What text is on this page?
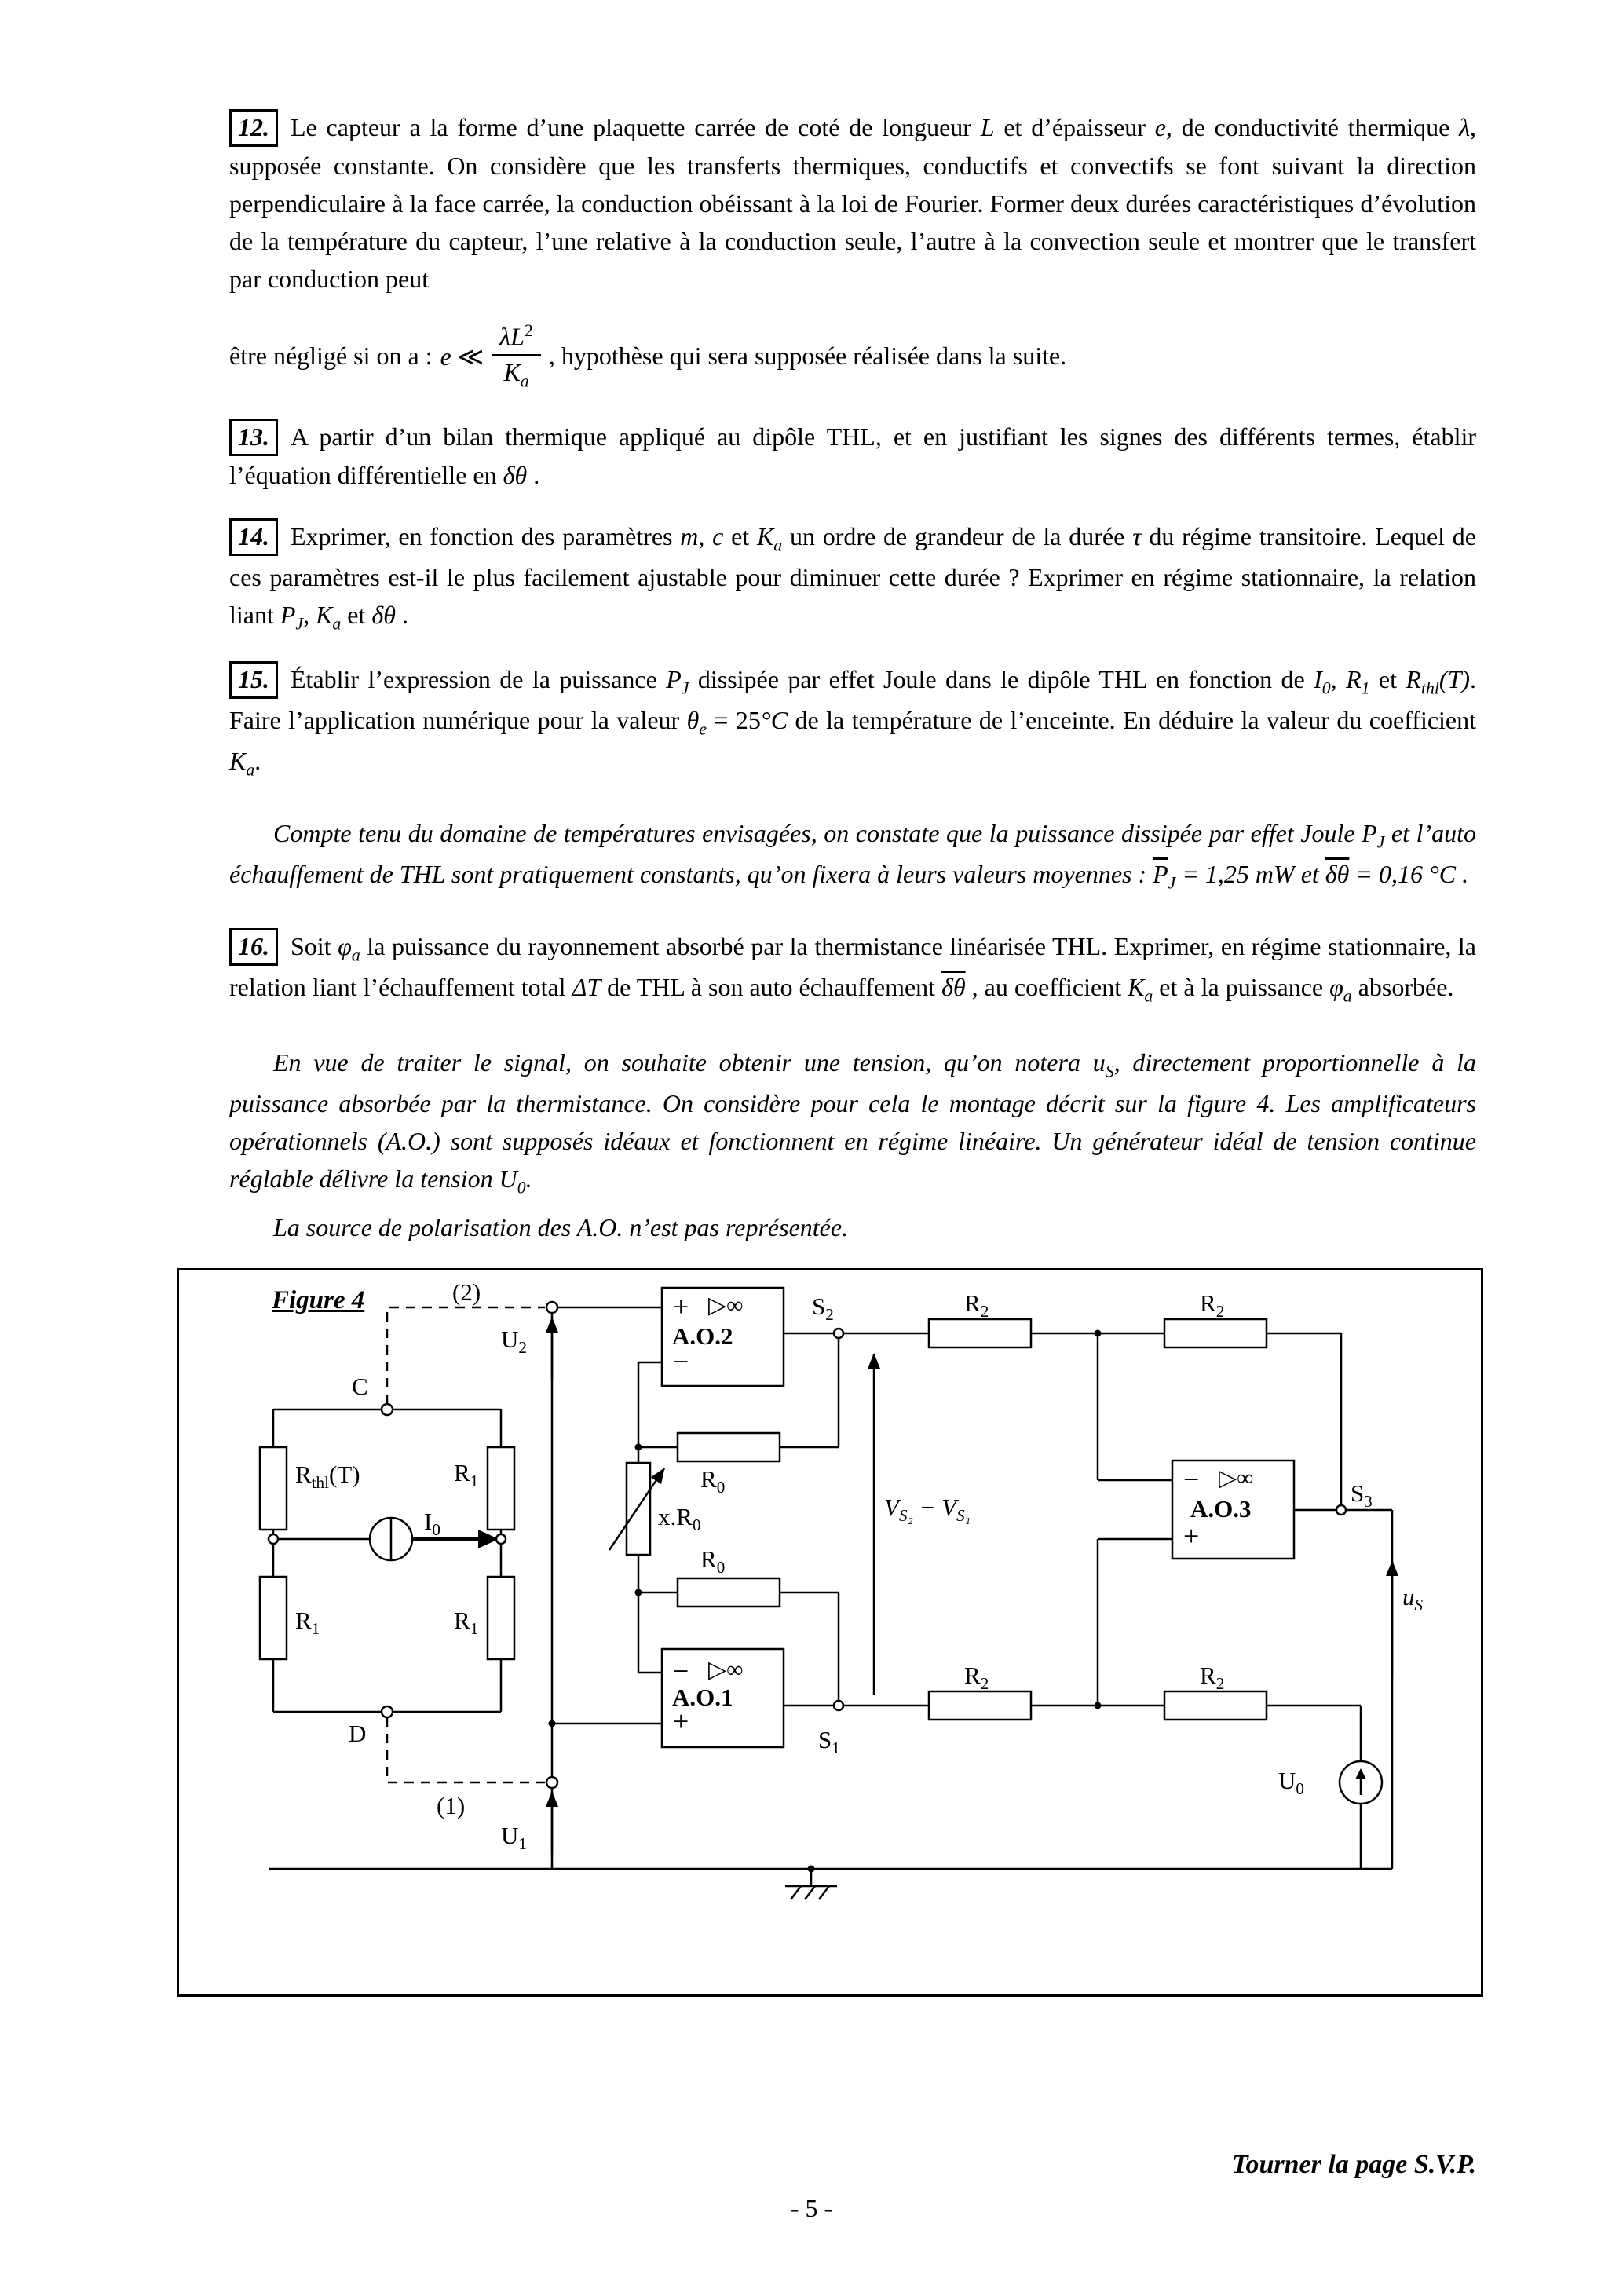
12. Le capteur a la forme d’une plaquette carrée de coté de longueur L et d’épaisseur e, de conductivité thermique λ, supposée constante. On considère que les transferts thermiques, conductifs et convectifs se font suivant la direction perpendiculaire à la face carrée, la conduction obéissant à la loi de Fourier. Former deux durées caractéristiques d’évolution de la température du capteur, l’une relative à la conduction seule, l’autre à la convection seule et montrer que le transfert par conduction peut

être négligé si on a : e ≪ $\frac{\lambda L^2}{K_a}$ , hypothèse qui sera supposée réalisée dans la suite.

13. A partir d’un bilan thermique appliqué au dipôle THL, et en justifiant les signes des différents termes, établir l’équation différentielle en δθ .

14. Exprimer, en fonction des paramètres m, c et $K_a$ un ordre de grandeur de la durée τ du régime transitoire. Lequel de ces paramètres est-il le plus facilement ajustable pour diminuer cette durée ? Exprimer en régime stationnaire, la relation liant $P_J$, $K_a$ et δθ .

15. Établir l’expression de la puissance $P_J$ dissipée par effet Joule dans le dipôle THL en fonction de $I_0$, $R_1$ et $R_{thl}(T)$. Faire l’application numérique pour la valeur $\theta_e = 25^\circ C$ de la température de l’enceinte. En déduire la valeur du coefficient $K_a$.

Compte tenu du domaine de températures envisagées, on constate que la puissance dissipée par effet Joule $P_J$ et l’auto échauffement de THL sont pratiquement constants, qu’on fixera à leurs valeurs moyennes : $\overline{P}_J = 1,25$ mW et $\overline{\delta\theta} = 0,16$ °C .

16. Soit $\varphi_a$ la puissance du rayonnement absorbé par la thermistance linéarisée THL. Exprimer, en régime stationnaire, la relation liant l’échauffement total ΔT de THL à son auto échauffement $\overline{\delta\theta}$ , au coefficient $K_a$ et à la puissance $\varphi_a$ absorbée.

En vue de traiter le signal, on souhaite obtenir une tension, qu’on notera $u_S$, directement proportionnelle à la puissance absorbée par la thermistance. On considère pour cela le montage décrit sur la figure 4. Les amplificateurs opérationnels (A.O.) sont supposés idéaux et fonctionnent en régime linéaire. Un générateur idéal de tension continue réglable délivre la tension $U_0$.

La source de polarisation des A.O. n’est pas représentée.

Figure 4	(2)
$U_2$
C
$R_{thl}(T)$	$R_1$
$I_0$
$R_1$	$R_1$
D
(1)
$U_1$
+ ▷∞
A.O.2
−
− ▷∞
A.O.1
+
− ▷∞
A.O.3
+
$S_2$
$S_1$
$S_3$
$R_0$
$x.R_0$
$R_0$
$R_2$	$R_2$
$R_2$	$R_2$
$V_{S_2} - V_{S_1}$
$u_S$
$U_0$
Tourner la page S.V.P.
- 5 -
